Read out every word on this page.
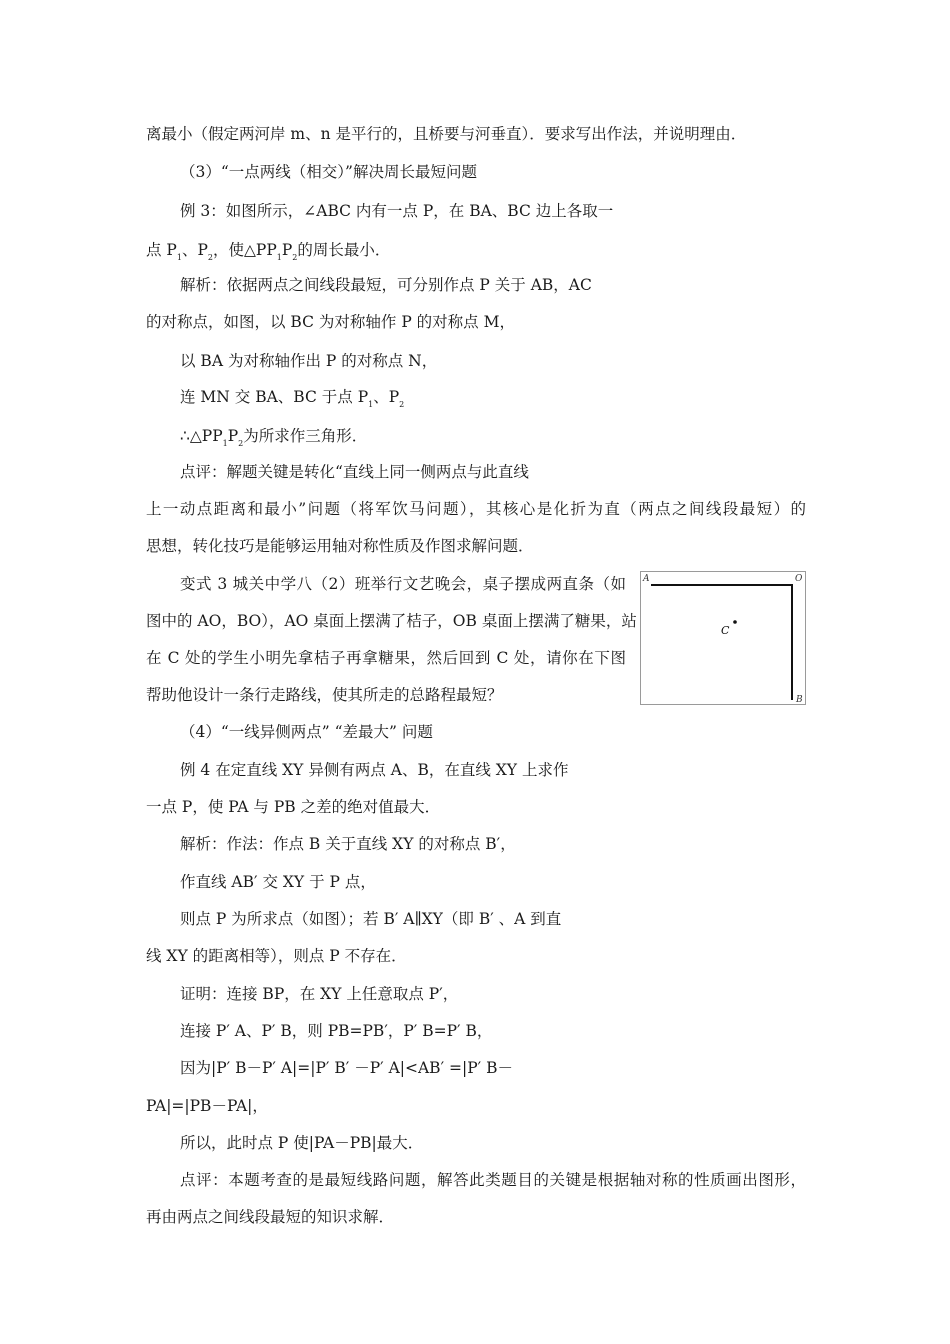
离最小（假定两河岸 m、n 是平行的，且桥要与河垂直）．要求写出作法，并说明理由．
（3）“一点两线（相交）”解决周长最短问题
例 3：如图所示，∠ABC 内有一点 P，在 BA、BC 边上各取一
点 $P_1$、$P_2$，使$\triangle PP_1P_2$的周长最小．
解析：依据两点之间线段最短，可分别作点 P 关于 AB，AC
的对称点，如图，以 BC 为对称轴作 P 的对称点 M，
以 BA 为对称轴作出 P 的对称点 N，
连 MN 交 BA、BC 于点 $P_1$、$P_2$
$\therefore\triangle PP_1P_2$为所求作三角形．
点评：解题关键是转化“直线上同一侧两点与此直线
上一动点距离和最小”问题（将军饮马问题），其核心是化折为直（两点之间线段最短）的
思想，转化技巧是能够运用轴对称性质及作图求解问题．
变式 3 城关中学八（2）班举行文艺晚会，桌子摆成两直条（如
图中的 AO，BO），AO 桌面上摆满了桔子，OB 桌面上摆满了糖果，站
在 C 处的学生小明先拿桔子再拿糖果，然后回到 C 处，请你在下图
帮助他设计一条行走路线，使其所走的总路程最短？
（4）“一线异侧两点” “差最大” 问题
例 4 在定直线 XY 异侧有两点 A、B，在直线 XY 上求作
一点 P，使 PA 与 PB 之差的绝对值最大．
解析：作法：作点 B 关于直线 XY 的对称点 B′，
作直线 AB′ 交 XY 于 P 点，
则点 P 为所求点（如图）；若 B′ A∥XY（即 B′ 、A 到直
线 XY 的距离相等），则点 P 不存在．
证明：连接 BP，在 XY 上任意取点 P′，
连接 P′ A、P′ B，则 PB=PB′，P′ B=P′ B，
因为|P′ B－P′ A|=|P′ B′ －P′ A|<AB′ =|P′ B－
PA|=|PB－PA|，
所以，此时点 P 使|PA－PB|最大．
点评：本题考查的是最短线路问题，解答此类题目的关键是根据轴对称的性质画出图形，
再由两点之间线段最短的知识求解．
A	O
C
B
